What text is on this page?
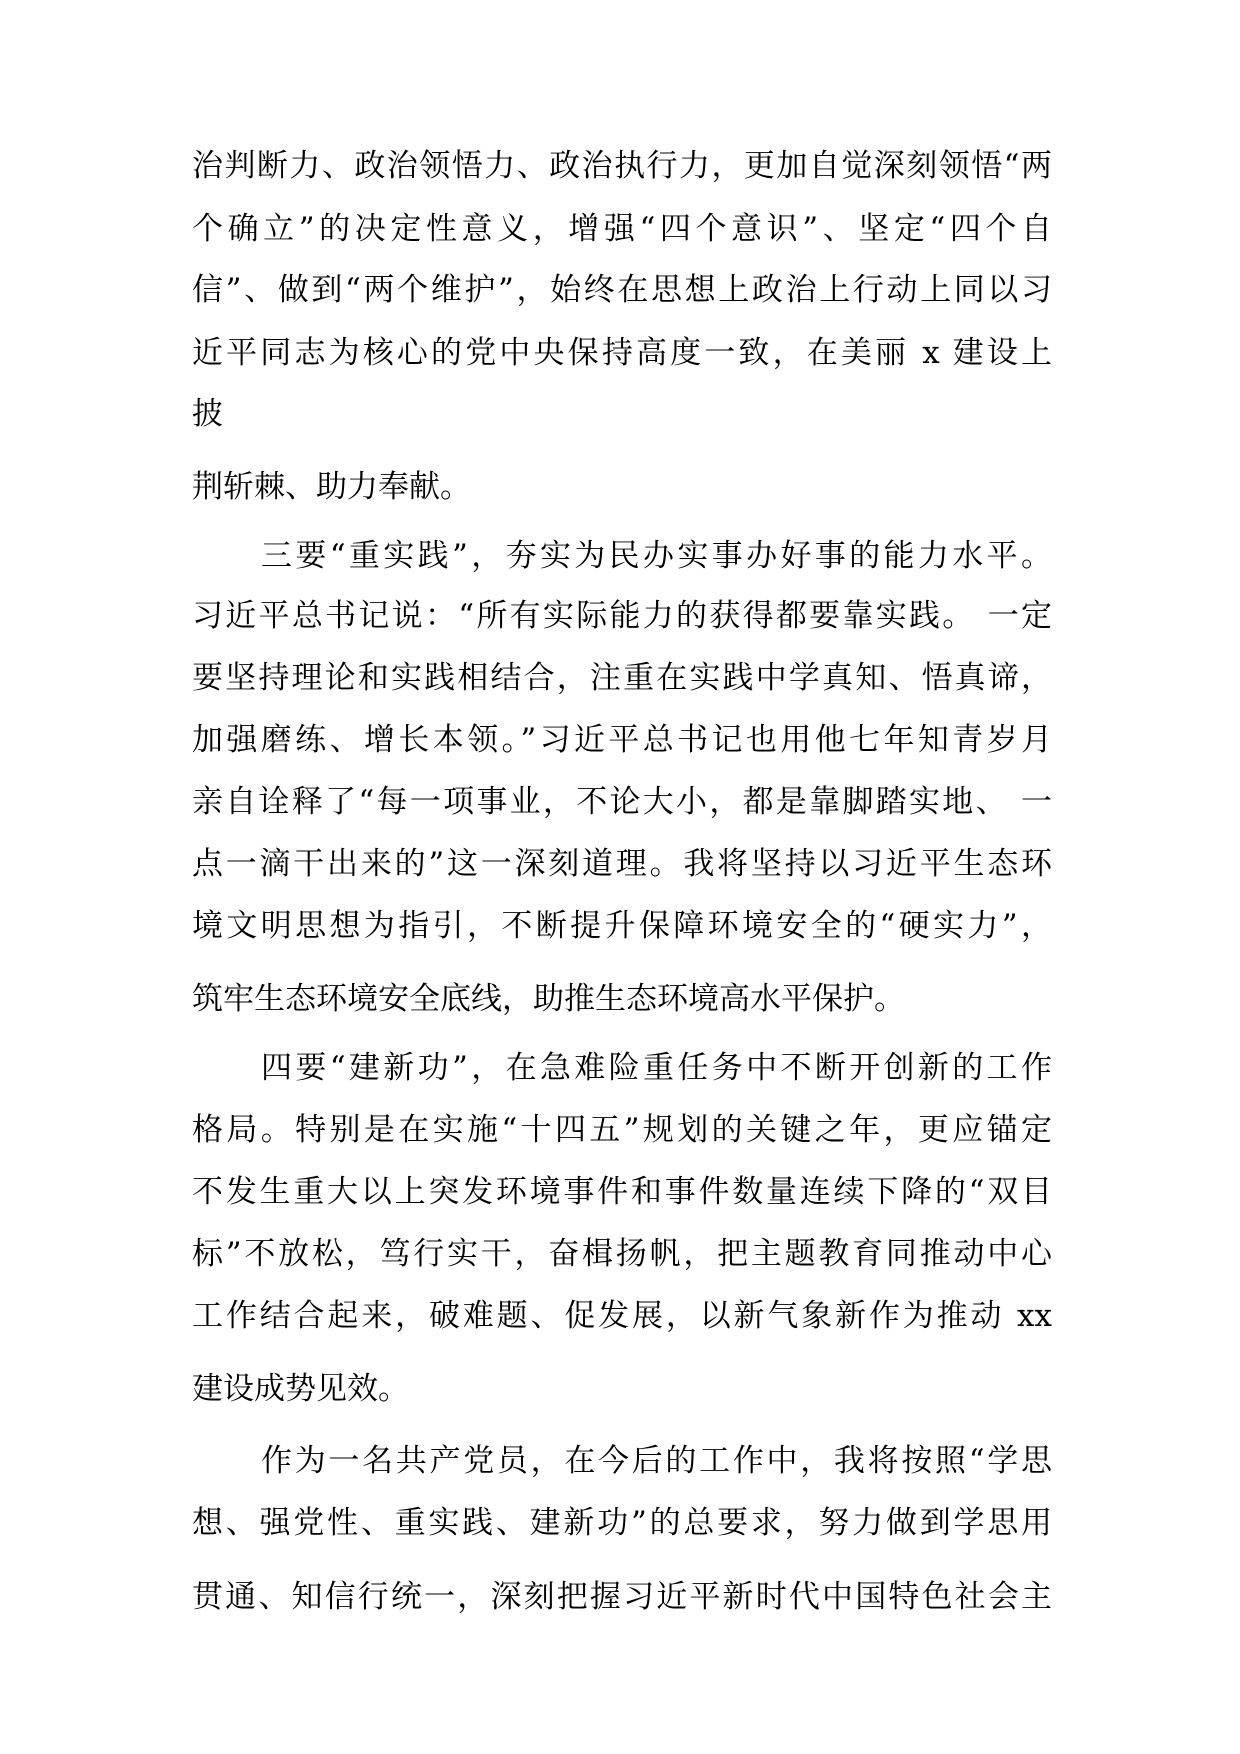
治判断力、政治领悟力、政治执行力，更加自觉深刻领悟“两
个确立”的决定性意义，增强“四个意识”、坚定“四个自
信”、做到“两个维护”，始终在思想上政治上行动上同以习
近平同志为核心的党中央保持高度一致，在美丽 x 建设上
披
荆斩棘、助力奉献。
三要“重实践”，夯实为民办实事办好事的能力水平。
习近平总书记说：“所有实际能力的获得都要靠实践。 一定
要坚持理论和实践相结合，注重在实践中学真知、悟真谛，
加强磨练、增长本领。”习近平总书记也用他七年知青岁月
亲自诠释了“每一项事业，不论大小，都是靠脚踏实地、 一
点一滴干出来的”这一深刻道理。我将坚持以习近平生态环
境文明思想为指引，不断提升保障环境安全的“硬实力”，
筑牢生态环境安全底线，助推生态环境高水平保护。
四要“建新功”，在急难险重任务中不断开创新的工作
格局。特别是在实施“十四五”规划的关键之年，更应锚定
不发生重大以上突发环境事件和事件数量连续下降的“双目
标”不放松，笃行实干，奋楫扬帆，把主题教育同推动中心
工作结合起来，破难题、促发展，以新气象新作为推动 xx
建设成势见效。
作为一名共产党员，在今后的工作中，我将按照“学思
想、强党性、重实践、建新功”的总要求，努力做到学思用
贯通、知信行统一，深刻把握习近平新时代中国特色社会主
